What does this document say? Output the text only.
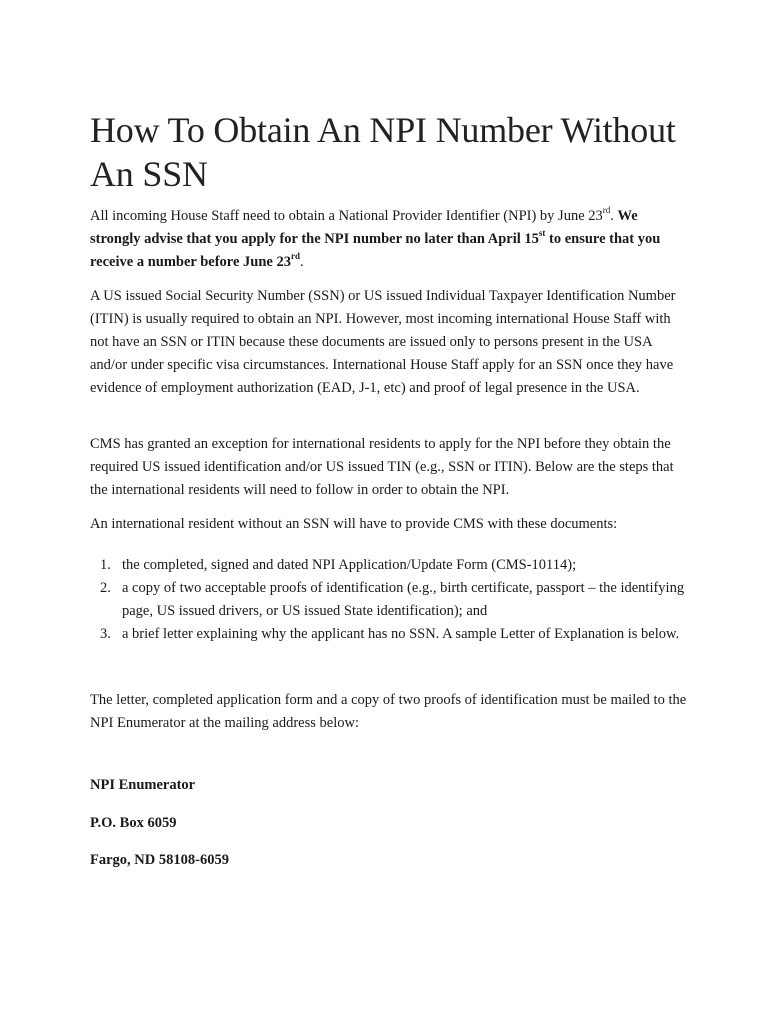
How To Obtain An NPI Number Without An SSN

All incoming House Staff need to obtain a National Provider Identifier (NPI) by June 23rd. We strongly advise that you apply for the NPI number no later than April 15st to ensure that you receive a number before June 23rd.

A US issued Social Security Number (SSN) or US issued Individual Taxpayer Identification Number (ITIN) is usually required to obtain an NPI. However, most incoming international House Staff with not have an SSN or ITIN because these documents are issued only to persons present in the USA and/or under specific visa circumstances. International House Staff apply for an SSN once they have evidence of employment authorization (EAD, J-1, etc) and proof of legal presence in the USA.

CMS has granted an exception for international residents to apply for the NPI before they obtain the required US issued identification and/or US issued TIN (e.g., SSN or ITIN). Below are the steps that the international residents will need to follow in order to obtain the NPI.

An international resident without an SSN will have to provide CMS with these documents:

1. the completed, signed and dated NPI Application/Update Form (CMS-10114);
2. a copy of two acceptable proofs of identification (e.g., birth certificate, passport – the identifying page, US issued drivers, or US issued State identification); and
3. a brief letter explaining why the applicant has no SSN. A sample Letter of Explanation is below.

The letter, completed application form and a copy of two proofs of identification must be mailed to the NPI Enumerator at the mailing address below:

NPI Enumerator

P.O. Box 6059

Fargo, ND 58108-6059
